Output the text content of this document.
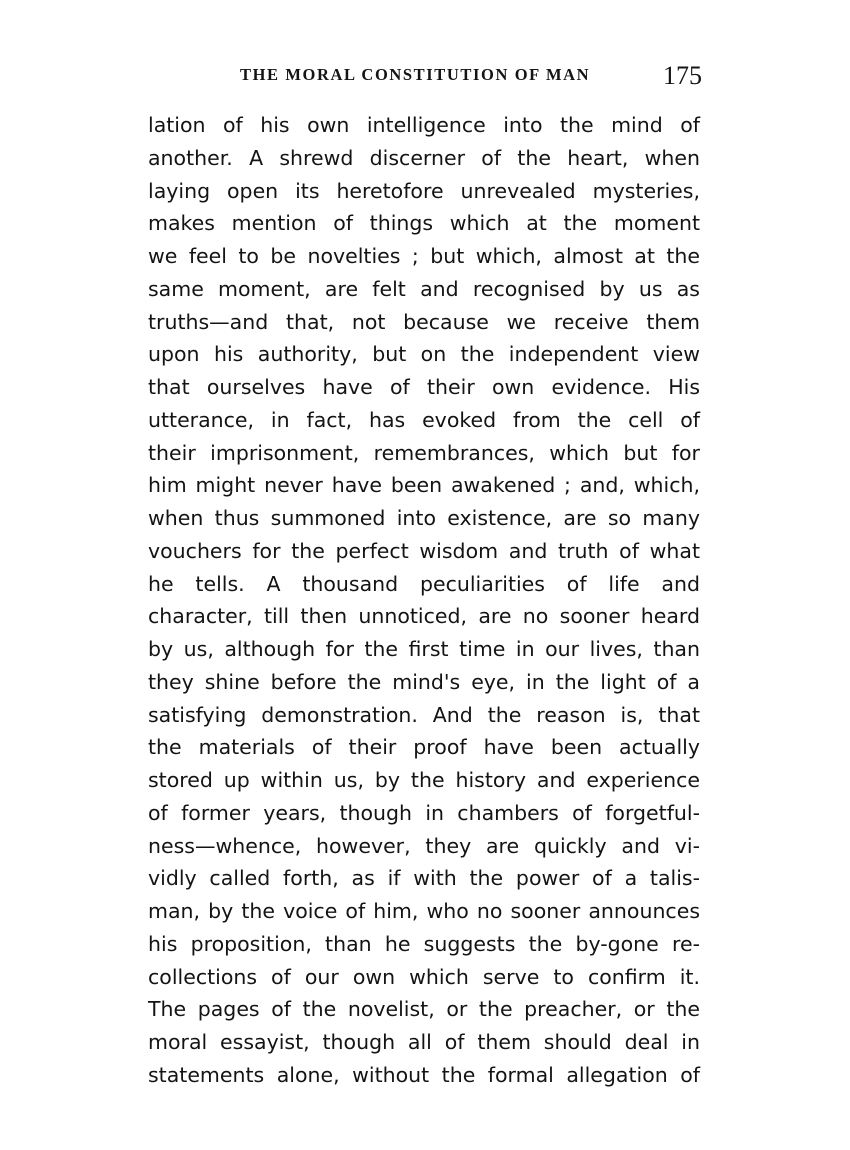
THE MORAL CONSTITUTION OF MAN	175
lation of his own intelligence into the mind of
another. A shrewd discerner of the heart, when
laying open its heretofore unrevealed mysteries,
makes mention of things which at the moment
we feel to be novelties ; but which, almost at the
same moment, are felt and recognised by us as
truths—and that, not because we receive them
upon his authority, but on the independent view
that ourselves have of their own evidence. His
utterance, in fact, has evoked from the cell of
their imprisonment, remembrances, which but for
him might never have been awakened ; and, which,
when thus summoned into existence, are so many
vouchers for the perfect wisdom and truth of what
he tells. A thousand peculiarities of life and
character, till then unnoticed, are no sooner heard
by us, although for the first time in our lives, than
they shine before the mind's eye, in the light of a
satisfying demonstration. And the reason is, that
the materials of their proof have been actually
stored up within us, by the history and experience
of former years, though in chambers of forgetful-
ness—whence, however, they are quickly and vi-
vidly called forth, as if with the power of a talis-
man, by the voice of him, who no sooner announces
his proposition, than he suggests the by-gone re-
collections of our own which serve to confirm it.
The pages of the novelist, or the preacher, or the
moral essayist, though all of them should deal in
statements alone, without the formal allegation of
